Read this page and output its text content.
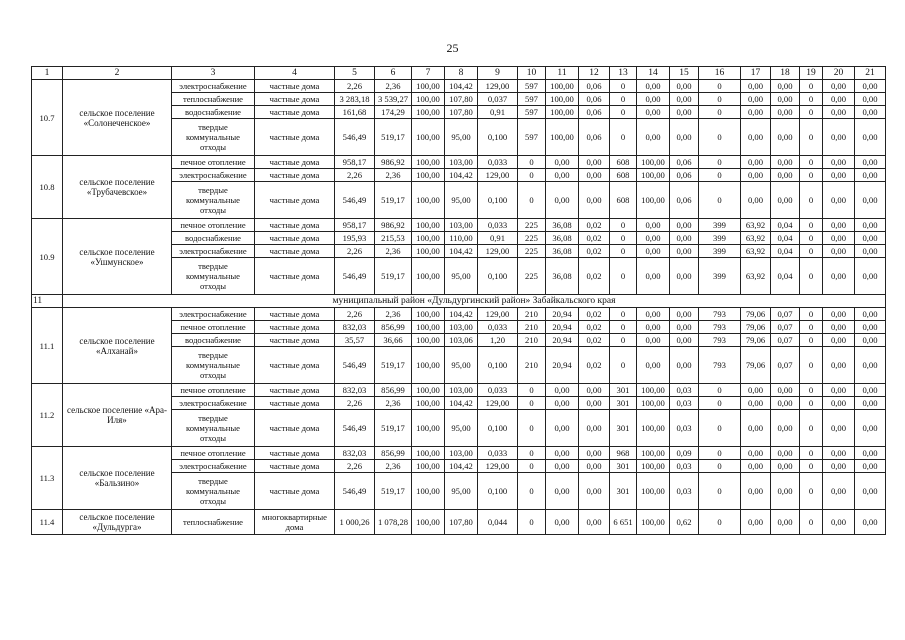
25
1	2	3	4	5	6	7	8	9	10	11	12	13	14	15	16	17	18	19	20	21
10.7	сельское поселение «Солонеченское»	электроснабжение	частные дома	2,26	2,36	100,00	104,42	129,00	597	100,00	0,06	0	0,00	0,00	0	0,00	0,00	0	0,00	0,00
		теплоснабжение	частные дома	3 283,18	3 539,27	100,00	107,80	0,037	597	100,00	0,06	0	0,00	0,00	0	0,00	0,00	0	0,00	0,00
		водоснабжение	частные дома	161,68	174,29	100,00	107,80	0,91	597	100,00	0,06	0	0,00	0,00	0	0,00	0,00	0	0,00	0,00
		твердые коммунальные отходы	частные дома	546,49	519,17	100,00	95,00	0,100	597	100,00	0,06	0	0,00	0,00	0	0,00	0,00	0	0,00	0,00
10.8	сельское поселение «Трубачевское»	печное отопление	частные дома	958,17	986,92	100,00	103,00	0,033	0	0,00	0,00	608	100,00	0,06	0	0,00	0,00	0	0,00	0,00
		электроснабжение	частные дома	2,26	2,36	100,00	104,42	129,00	0	0,00	0,00	608	100,00	0,06	0	0,00	0,00	0	0,00	0,00
		твердые коммунальные отходы	частные дома	546,49	519,17	100,00	95,00	0,100	0	0,00	0,00	608	100,00	0,06	0	0,00	0,00	0	0,00	0,00
10.9	сельское поселение «Ушмунское»	печное отопление	частные дома	958,17	986,92	100,00	103,00	0,033	225	36,08	0,02	0	0,00	0,00	399	63,92	0,04	0	0,00	0,00
		водоснабжение	частные дома	195,93	215,53	100,00	110,00	0,91	225	36,08	0,02	0	0,00	0,00	399	63,92	0,04	0	0,00	0,00
		электроснабжение	частные дома	2,26	2,36	100,00	104,42	129,00	225	36,08	0,02	0	0,00	0,00	399	63,92	0,04	0	0,00	0,00
		твердые коммунальные отходы	частные дома	546,49	519,17	100,00	95,00	0,100	225	36,08	0,02	0	0,00	0,00	399	63,92	0,04	0	0,00	0,00
11	муниципальный район «Дульдургинский район» Забайкальского края																			
11.1	сельское поселение «Алханай»	электроснабжение	частные дома	2,26	2,36	100,00	104,42	129,00	210	20,94	0,02	0	0,00	0,00	793	79,06	0,07	0	0,00	0,00
		печное отопление	частные дома	832,03	856,99	100,00	103,00	0,033	210	20,94	0,02	0	0,00	0,00	793	79,06	0,07	0	0,00	0,00
		водоснабжение	частные дома	35,57	36,66	100,00	103,06	1,20	210	20,94	0,02	0	0,00	0,00	793	79,06	0,07	0	0,00	0,00
		твердые коммунальные отходы	частные дома	546,49	519,17	100,00	95,00	0,100	210	20,94	0,02	0	0,00	0,00	793	79,06	0,07	0	0,00	0,00
11.2	сельское поселение «Ара-Иля»	печное отопление	частные дома	832,03	856,99	100,00	103,00	0,033	0	0,00	0,00	301	100,00	0,03	0	0,00	0,00	0	0,00	0,00
		электроснабжение	частные дома	2,26	2,36	100,00	104,42	129,00	0	0,00	0,00	301	100,00	0,03	0	0,00	0,00	0	0,00	0,00
		твердые коммунальные отходы	частные дома	546,49	519,17	100,00	95,00	0,100	0	0,00	0,00	301	100,00	0,03	0	0,00	0,00	0	0,00	0,00
11.3	сельское поселение «Бальзино»	печное отопление	частные дома	832,03	856,99	100,00	103,00	0,033	0	0,00	0,00	968	100,00	0,09	0	0,00	0,00	0	0,00	0,00
		электроснабжение	частные дома	2,26	2,36	100,00	104,42	129,00	0	0,00	0,00	301	100,00	0,03	0	0,00	0,00	0	0,00	0,00
		твердые коммунальные отходы	частные дома	546,49	519,17	100,00	95,00	0,100	0	0,00	0,00	301	100,00	0,03	0	0,00	0,00	0	0,00	0,00
11.4	сельское поселение «Дульдурга»	теплоснабжение	многоквартирные дома	1 000,26	1 078,28	100,00	107,80	0,044	0	0,00	0,00	6 651	100,00	0,62	0	0,00	0,00	0	0,00	0,00
